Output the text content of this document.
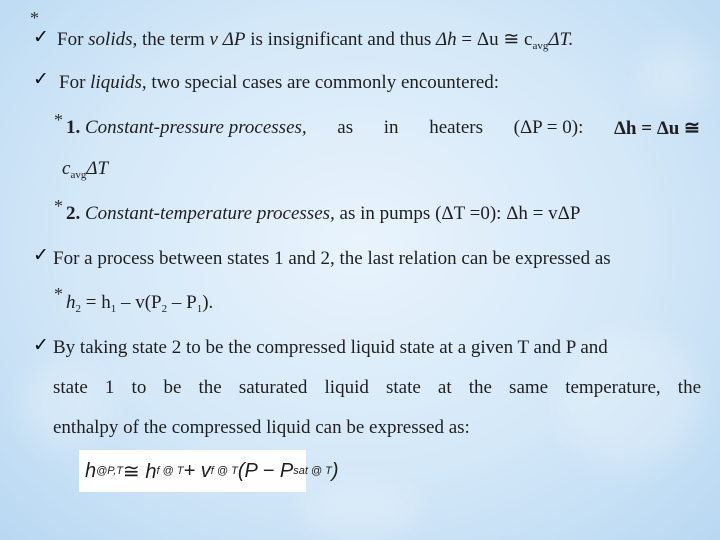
*
✓ For solids, the term v ΔP is insignificant and thus Δh = Δu ≅ $c_{avg}\Delta T$.
✓ For liquids, two special cases are commonly encountered:
* 1. Constant-pressure processes, as in heaters (ΔP = 0): Δh = Δu ≅
$c_{avg}\Delta T$
* 2. Constant-temperature processes, as in pumps (ΔT =0): Δh = vΔP
✓ For a process between states 1 and 2, the last relation can be expressed as
* $h_2 = h_1 - v(P_2 - P_1)$.
✓ By taking state 2 to be the compressed liquid state at a given T and P and
state 1 to be the saturated liquid state at the same temperature, the
enthalpy of the compressed liquid can be expressed as:
h @P,T ≅ h f @ T + v f @ T (P − P sat @ T )
